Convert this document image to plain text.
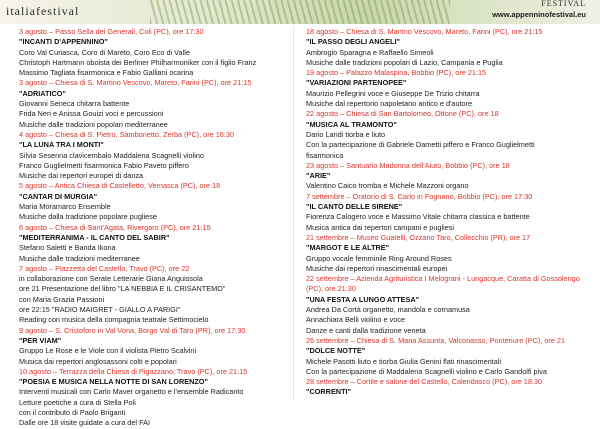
italiafestival
FESTIVAL
www.appenninofestival.eu
3 agosto – Passo Sella dei Generali, Coli (PC), ore 17:30
"INCANTI D'APPENNINO"
Coro Val Curiasca, Coro di Mareto, Coro Eco di Valle
Christoph Hartmann oboista dei Berliner Philharmoniker con il figlio Franz
Massimo Tagliata fisarmonica e Fabio Galliani ocarina
3 agosto – Chiesa di S. Martino Vescovo, Mareto, Farini (PC), ore 21:15
"ADRIATICO"
Giovanni Seneca chitarra battente
Frida Neri e Anissa Gouizi voci e percussioni
Musiche dalle tradizioni popolari mediterranee
4 agosto – Chiesa di S. Pietro, Sambonetto, Zerba (PC), ore 16:30
"LA LUNA TRA I MONTI"
Silvia Sesenna clavicembalo Maddalena Scagnelli violino
Franco Guglielmetti fisarmonica Fabio Paveto piffero
Musiche dai repertori europei di danza
5 agosto – Antica Chiesa di Castelletto, Vernasca (PC), ore 18
"CANTAR DI MURGIA"
Maria Moramarco Ensemble
Musiche dalla tradizione popolare pugliese
6 agosto – Chiesa di Sant'Agata, Rivergaro (PC), ore 21:15
"MEDITERRANIMA - IL CANTO DEL SABIR"
Stefano Saletti e Banda Ikona
Musiche dalle tradizioni mediterranee
7 agosto – Piazzetta del Castello, Travo (PC), ore 22
in collaborazione con Serate Letterarie Giana Anguissola
ore 21 Presentazione del libro "LA NEBBIA E IL CRISANTEMO"
con Maria Grazia Passioni
ore 22:15 "RADIO MAIGRET - GIALLO A PARIGI"
Reading con musica della compagnia teatrale Settimocielo
9 agosto – S. Cristoforo in Val Vona, Borgo Val di Taro (PR), ore 17:30
"PER VIAM"
Gruppo Le Rose e le Viole con il violista Pietro Scalvini
Musica dai repertori anglosassoni colti e popolari
10 agosto – Terrazza della Chiesa di Pigazzano, Travo (PC), ore 21:15
"POESIA E MUSICA NELLA NOTTE DI SAN LORENZO"
Interventi musicali con Carlo Maver organetto e l'ensemble Radicanto
Letture poetiche a cura di Stella Poli
con il contributo di Paolo Briganti
Dalle ore 18 visite guidate a cura del FAI
18 agosto – Chiesa di S. Martino Vescovo, Mareto, Farini (PC), ore 21:15
"IL PASSO DEGLI ANGELI"
Ambrogio Sparagna e Raffaello Simeoli
Musiche dalle tradizioni popolari di Lazio, Campania e Puglia
19 agosto – Palazzo Malaspina, Bobbio (PC), ore 21:15
"VARIAZIONI PARTENOPEE"
Maurizio Pellegrini voce e Giuseppe De Trizio chitarra
Musiche dal repertorio napoletano antico e d'autore
22 agosto – Chiesa di San Bartolomeo, Ottone (PC), ore 18
"MUSICA AL TRAMONTO"
Dario Landi tiorba e liuto
Con la partecipazione di Gabriele Dametti piffero e Franco Guglielmetti
fisarmonica
23 agosto – Santuario Madonna dell'Aiuto, Bobbio (PC), ore 18
"ARIE"
Valentino Caico tromba e Michele Mazzoni organo
7 settembre – Oratorio di S. Carlo in Fognano, Bobbio (PC), ore 17:30
"IL CANTO DELLE SIRENE"
Fiorenza Calogero voce e Massimo Vitale chitarra classica e battente
Musica antica dai repertori campani e pugliesi
21 settembre – Museo Guatelli, Ozzano Taro, Collecchio (PR), ore 17
"MARGOT E LE ALTRE"
Gruppo vocale femminile Ring Around Roses
Musiche dai repertori rinascimentali europei
22 settembre – Azienda Agrituristica I Melograni - Lungacque, Caratta di Gossolengo (PC), ore 21:30
"UNA FESTA A LUNGO ATTESA"
Andrea Da Cortà organetto, mandola e cornamusa
Annachiara Belli violino e voce
Danze e canti dalla tradizione veneta
26 settembre – Chiesa di S. Maria Assunta, Valconasso, Pontenure (PC), ore 21
"DOLCE NOTTE"
Michele Pasotti liuto e tiorba Giulia Genini flati rinascimentali
Con la partecipazione di Maddalena Scagnelli violino e Carlo Gandolfi piva
28 settembre – Cortile e salone del Castello, Calendasco (PC), ore 18:30
"CORRENTI"
